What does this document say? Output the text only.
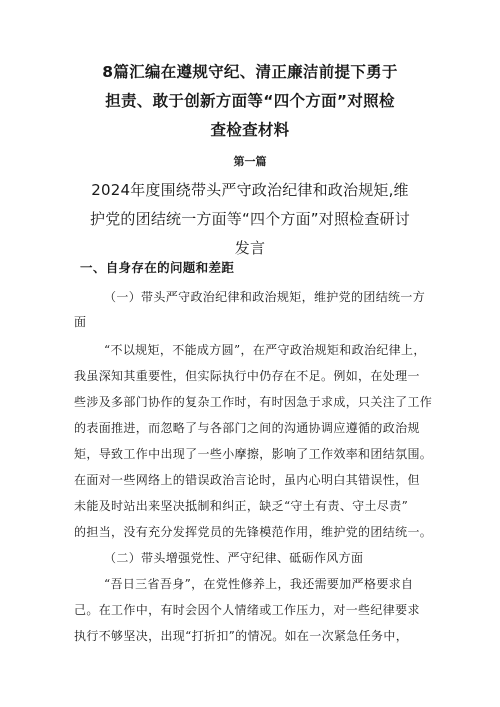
8篇汇编在遵规守纪、清正廉洁前提下勇于
担责、敢于创新方面等“四个方面”对照检
查检查材料
第一篇
2024年度围绕带头严守政治纪律和政治规矩,维
护党的团结统一方面等“四个方面”对照检查研讨
发言
一、自身存在的问题和差距
（一）带头严守政治纪律和政治规矩，维护党的团结统一方
面
“不以规矩，不能成方圆”，在严守政治规矩和政治纪律上，
我虽深知其重要性，但实际执行中仍存在不足。例如，在处理一
些涉及多部门协作的复杂工作时，有时因急于求成，只关注了工作
的表面推进，而忽略了与各部门之间的沟通协调应遵循的政治规
矩，导致工作中出现了一些小摩擦，影响了工作效率和团结氛围。
在面对一些网络上的错误政治言论时，虽内心明白其错误性，但
未能及时站出来坚决抵制和纠正，缺乏“守土有责、守土尽责”
的担当，没有充分发挥党员的先锋模范作用，维护党的团结统一。
（二）带头增强党性、严守纪律、砥砺作风方面
“吾日三省吾身”，在党性修养上，我还需要加严格要求自
己。在工作中，有时会因个人情绪或工作压力，对一些纪律要求
执行不够坚决，出现“打折扣”的情况。如在一次紧急任务中，
